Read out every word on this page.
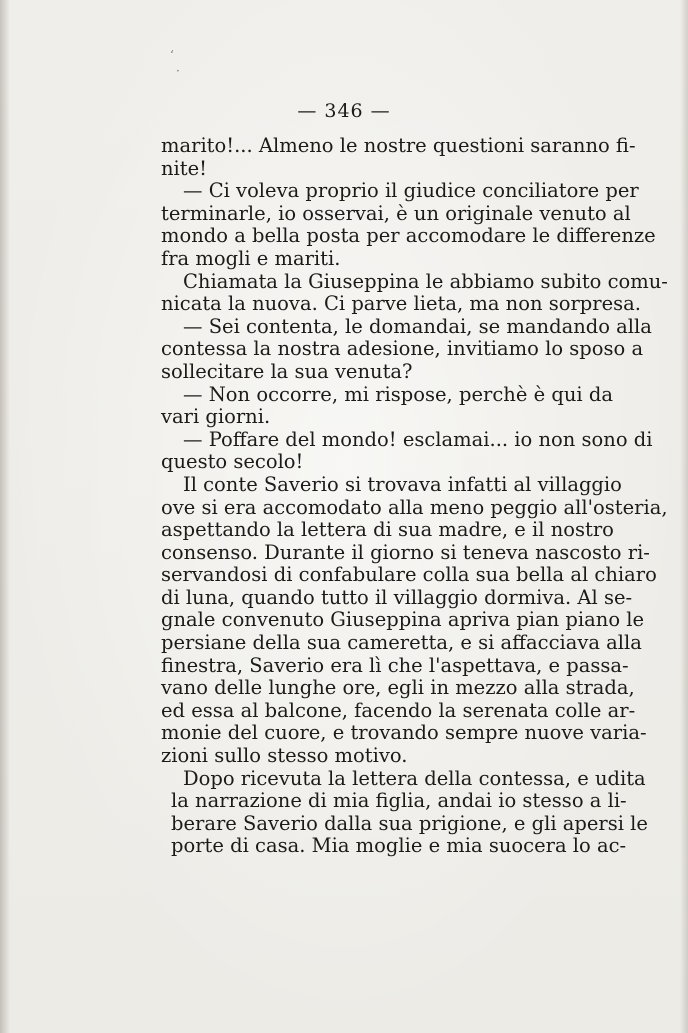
ʻ
·
— 346 —
marito!... Almeno le nostre questioni saranno fi-
nite!
— Ci voleva proprio il giudice conciliatore per
terminarle, io osservai, è un originale venuto al
mondo a bella posta per accomodare le differenze
fra mogli e mariti.
Chiamata la Giuseppina le abbiamo subito comu-
nicata la nuova. Ci parve lieta, ma non sorpresa.
— Sei contenta, le domandai, se mandando alla
contessa la nostra adesione, invitiamo lo sposo a
sollecitare la sua venuta?
— Non occorre, mi rispose, perchè è qui da
vari giorni.
— Poffare del mondo! esclamai... io non sono di
questo secolo!
Il conte Saverio si trovava infatti al villaggio
ove si era accomodato alla meno peggio all'osteria,
aspettando la lettera di sua madre, e il nostro
consenso. Durante il giorno si teneva nascosto ri-
servandosi di confabulare colla sua bella al chiaro
di luna, quando tutto il villaggio dormiva. Al se-
gnale convenuto Giuseppina apriva pian piano le
persiane della sua cameretta, e si affacciava alla
finestra, Saverio era lì che l'aspettava, e passa-
vano delle lunghe ore, egli in mezzo alla strada,
ed essa al balcone, facendo la serenata colle ar-
monie del cuore, e trovando sempre nuove varia-
zioni sullo stesso motivo.
Dopo ricevuta la lettera della contessa, e udita
la narrazione di mia figlia, andai io stesso a li-
berare Saverio dalla sua prigione, e gli apersi le
porte di casa. Mia moglie e mia suocera lo ac-
